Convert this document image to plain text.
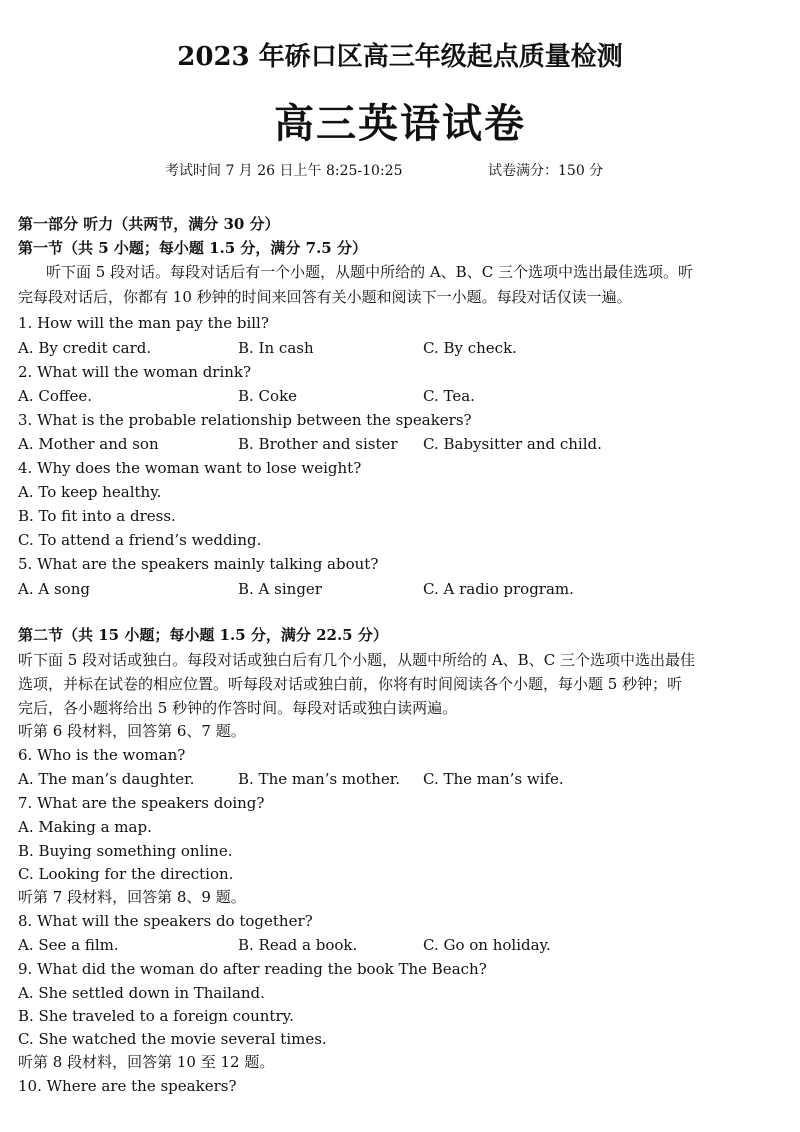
2023 年硚口区高三年级起点质量检测
高三英语试卷
考试时间 7 月 26 日上午 8:25-10:25	试卷满分：150 分
第一部分 听力（共两节，满分 30 分）
第一节（共 5 小题；每小题 1.5 分，满分 7.5 分）
听下面 5 段对话。每段对话后有一个小题，从题中所给的 A、B、C 三个选项中选出最佳选项。听
完每段对话后，你都有 10 秒钟的时间来回答有关小题和阅读下一小题。每段对话仅读一遍。
1. How will the man pay the bill?
A. By credit card.	B. In cash	C. By check.
2. What will the woman drink?
A. Coffee.	B. Coke	C. Tea.
3. What is the probable relationship between the speakers?
A. Mother and son	B. Brother and sister C. Babysitter and child.
4. Why does the woman want to lose weight?
A. To keep healthy.
B. To fit into a dress.
C. To attend a friend’s wedding.
5. What are the speakers mainly talking about?
A. A song	B. A singer	C. A radio program.
第二节（共 15 小题；每小题 1.5 分，满分 22.5 分）
听下面 5 段对话或独白。每段对话或独白后有几个小题，从题中所给的 A、B、C 三个选项中选出最佳
选项，并标在试卷的相应位置。听每段对话或独白前，你将有时间阅读各个小题，每小题 5 秒钟；听
完后，各小题将给出 5 秒钟的作答时间。每段对话或独白读两遍。
听第 6 段材料，回答第 6、7 题。
6. Who is the woman?
A. The man’s daughter.	B. The man’s mother. C. The man’s wife.
7. What are the speakers doing?
A. Making a map.
B. Buying something online.
C. Looking for the direction.
听第 7 段材料，回答第 8、9 题。
8. What will the speakers do together?
A. See a film.	B. Read a book.	C. Go on holiday.
9. What did the woman do after reading the book The Beach?
A. She settled down in Thailand.
B. She traveled to a foreign country.
C. She watched the movie several times.
听第 8 段材料，回答第 10 至 12 题。
10. Where are the speakers?
